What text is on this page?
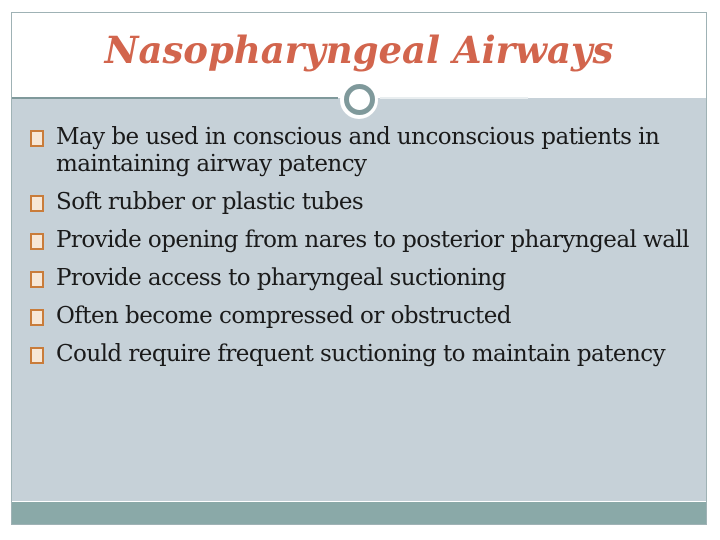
Nasopharyngeal Airways
May be used in conscious and unconscious patients in maintaining airway patency
Soft rubber or plastic tubes
Provide opening from nares to posterior pharyngeal wall
Provide access to pharyngeal suctioning
Often become compressed or obstructed
Could require frequent suctioning to maintain patency
